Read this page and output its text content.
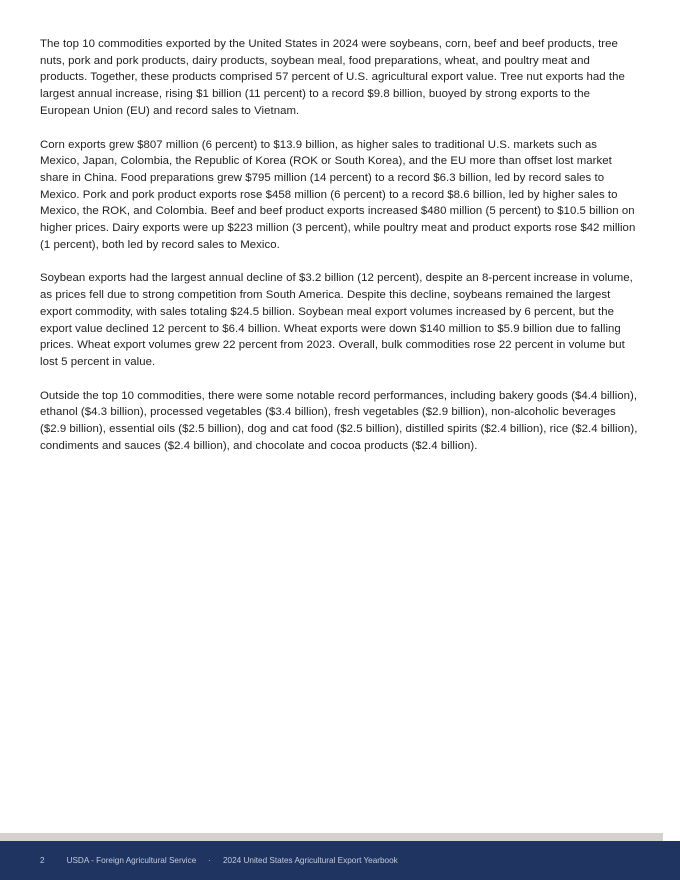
The top 10 commodities exported by the United States in 2024 were soybeans, corn, beef and beef products, tree nuts, pork and pork products, dairy products, soybean meal, food preparations, wheat, and poultry meat and products. Together, these products comprised 57 percent of U.S. agricultural export value. Tree nut exports had the largest annual increase, rising $1 billion (11 percent) to a record $9.8 billion, buoyed by strong exports to the European Union (EU) and record sales to Vietnam.

Corn exports grew $807 million (6 percent) to $13.9 billion, as higher sales to traditional U.S. markets such as Mexico, Japan, Colombia, the Republic of Korea (ROK or South Korea), and the EU more than offset lost market share in China. Food preparations grew $795 million (14 percent) to a record $6.3 billion, led by record sales to Mexico. Pork and pork product exports rose $458 million (6 percent) to a record $8.6 billion, led by higher sales to Mexico, the ROK, and Colombia. Beef and beef product exports increased $480 million (5 percent) to $10.5 billion on higher prices. Dairy exports were up $223 million (3 percent), while poultry meat and product exports rose $42 million (1 percent), both led by record sales to Mexico.

Soybean exports had the largest annual decline of $3.2 billion (12 percent), despite an 8-percent increase in volume, as prices fell due to strong competition from South America. Despite this decline, soybeans remained the largest export commodity, with sales totaling $24.5 billion. Soybean meal export volumes increased by 6 percent, but the export value declined 12 percent to $6.4 billion. Wheat exports were down $140 million to $5.9 billion due to falling prices. Wheat export volumes grew 22 percent from 2023. Overall, bulk commodities rose 22 percent in volume but lost 5 percent in value.

Outside the top 10 commodities, there were some notable record performances, including bakery goods ($4.4 billion), ethanol ($4.3 billion), processed vegetables ($3.4 billion), fresh vegetables ($2.9 billion), non-alcoholic beverages ($2.9 billion), essential oils ($2.5 billion), dog and cat food ($2.5 billion), distilled spirits ($2.4 billion), rice ($2.4 billion), condiments and sauces ($2.4 billion), and chocolate and cocoa products ($2.4 billion).

2	USDA - Foreign Agricultural Service · 2024 United States Agricultural Export Yearbook
